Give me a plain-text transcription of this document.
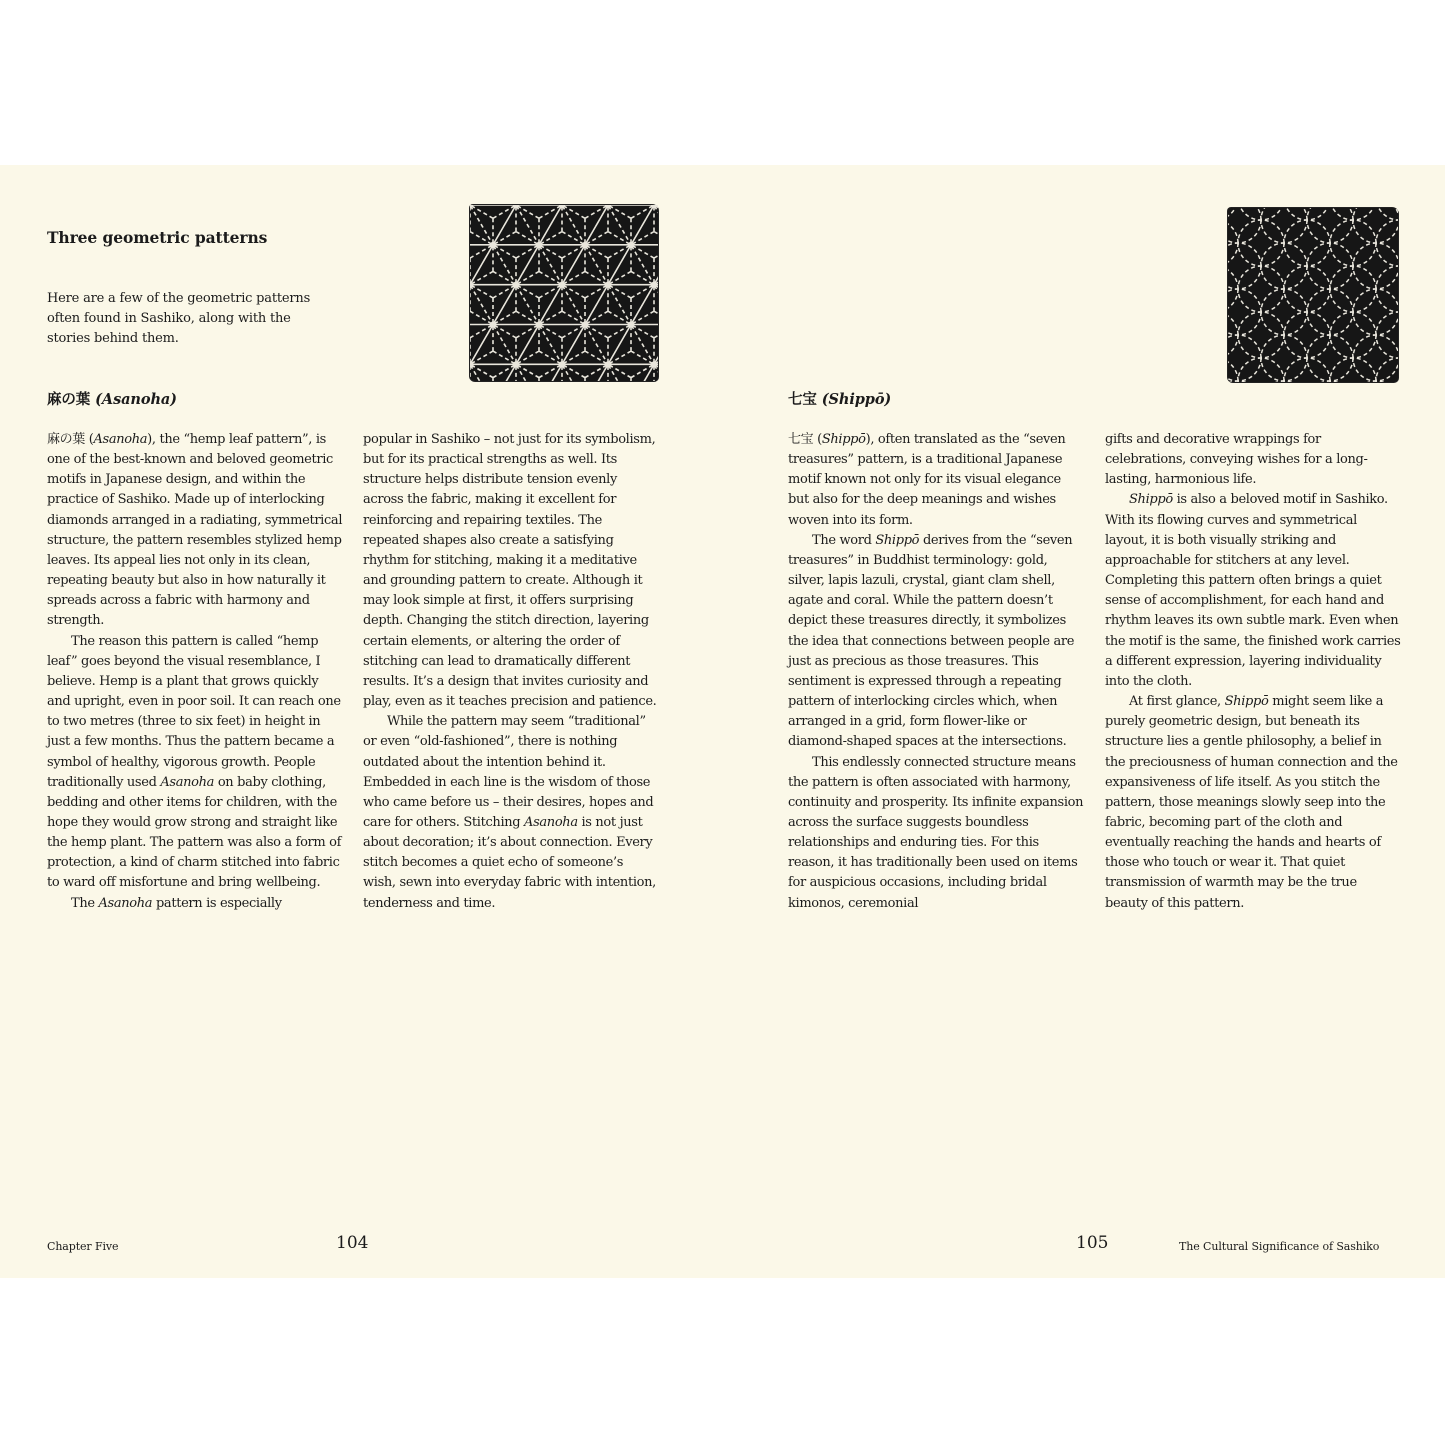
Three geometric patterns

Here are a few of the geometric patterns often found in Sashiko, along with the stories behind them.

麻の葉 (Asanoha)

麻の葉 (Asanoha), the “hemp leaf pattern”, is one of the best-known and beloved geometric motifs in Japanese design, and within the practice of Sashiko. Made up of interlocking diamonds arranged in a radiating, symmetrical structure, the pattern resembles stylized hemp leaves. Its appeal lies not only in its clean, repeating beauty but also in how naturally it spreads across a fabric with harmony and strength.

The reason this pattern is called “hemp leaf” goes beyond the visual resemblance, I believe. Hemp is a plant that grows quickly and upright, even in poor soil. It can reach one to two metres (three to six feet) in height in just a few months. Thus the pattern became a symbol of healthy, vigorous growth. People traditionally used Asanoha on baby clothing, bedding and other items for children, with the hope they would grow strong and straight like the hemp plant. The pattern was also a form of protection, a kind of charm stitched into fabric to ward off misfortune and bring wellbeing.

The Asanoha pattern is especially

popular in Sashiko – not just for its symbolism, but for its practical strengths as well. Its structure helps distribute tension evenly across the fabric, making it excellent for reinforcing and repairing textiles. The repeated shapes also create a satisfying rhythm for stitching, making it a meditative and grounding pattern to create. Although it may look simple at first, it offers surprising depth. Changing the stitch direction, layering certain elements, or altering the order of stitching can lead to dramatically different results. It’s a design that invites curiosity and play, even as it teaches precision and patience.

While the pattern may seem “traditional” or even “old-fashioned”, there is nothing outdated about the intention behind it. Embedded in each line is the wisdom of those who came before us – their desires, hopes and care for others. Stitching Asanoha is not just about decoration; it’s about connection. Every stitch becomes a quiet echo of someone’s wish, sewn into everyday fabric with intention, tenderness and time.

Chapter Five	104

七宝 (Shippō)

七宝 (Shippō), often translated as the “seven treasures” pattern, is a traditional Japanese motif known not only for its visual elegance but also for the deep meanings and wishes woven into its form.

The word Shippō derives from the “seven treasures” in Buddhist terminology: gold, silver, lapis lazuli, crystal, giant clam shell, agate and coral. While the pattern doesn’t depict these treasures directly, it symbolizes the idea that connections between people are just as precious as those treasures. This sentiment is expressed through a repeating pattern of interlocking circles which, when arranged in a grid, form flower-like or diamond-shaped spaces at the intersections.

This endlessly connected structure means the pattern is often associated with harmony, continuity and prosperity. Its infinite expansion across the surface suggests boundless relationships and enduring ties. For this reason, it has traditionally been used on items for auspicious occasions, including bridal kimonos, ceremonial

gifts and decorative wrappings for celebrations, conveying wishes for a long-lasting, harmonious life.

Shippō is also a beloved motif in Sashiko. With its flowing curves and symmetrical layout, it is both visually striking and approachable for stitchers at any level. Completing this pattern often brings a quiet sense of accomplishment, for each hand and rhythm leaves its own subtle mark. Even when the motif is the same, the finished work carries a different expression, layering individuality into the cloth.

At first glance, Shippō might seem like a purely geometric design, but beneath its structure lies a gentle philosophy, a belief in the preciousness of human connection and the expansiveness of life itself. As you stitch the pattern, those meanings slowly seep into the fabric, becoming part of the cloth and eventually reaching the hands and hearts of those who touch or wear it. That quiet transmission of warmth may be the true beauty of this pattern.

105	The Cultural Significance of Sashiko
